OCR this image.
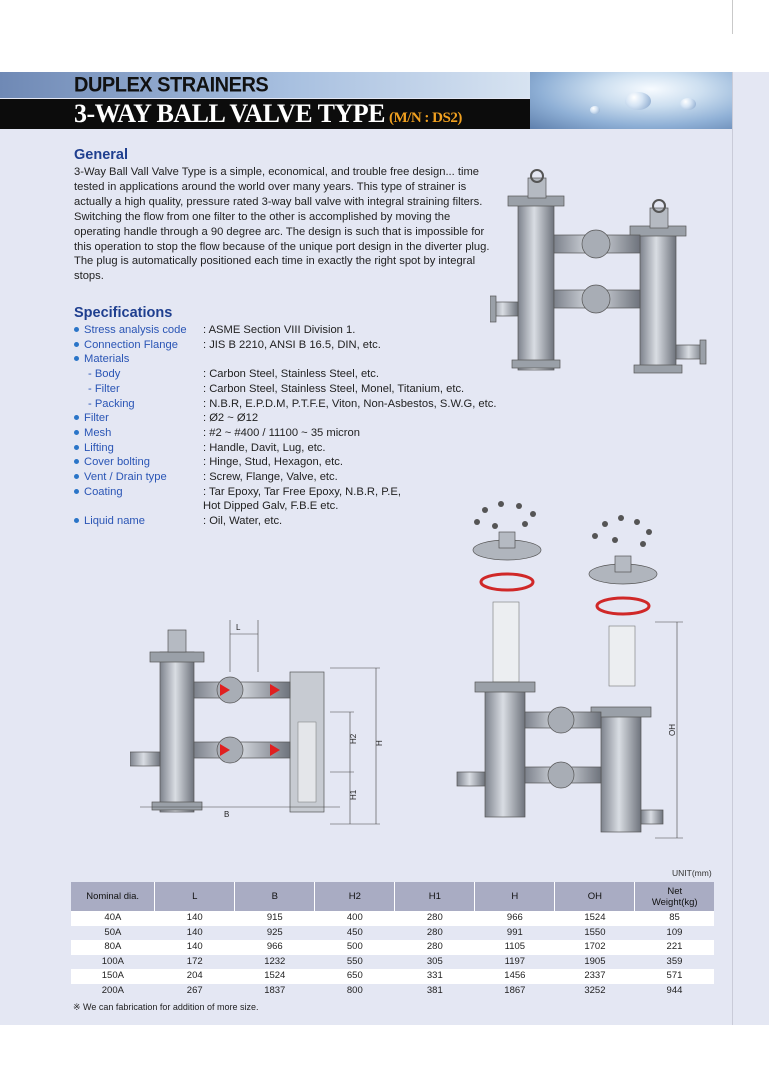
DUPLEX STRAINERS
3-WAY BALL VALVE TYPE (M/N : DS2)
General
3-Way Ball Vall Valve Type is a simple, economical, and trouble free design... time tested in applications around the world over many years. This type of strainer is actually a high quality, pressure rated 3-way ball valve with integral straining filters. Switching the flow from one filter to the other is accomplished by moving the operating handle through a 90 degree arc. The design is such that is impossible for this operation to stop the flow because of the unique port design in the diverter plug. The plug is automatically positioned each time in exactly the right spot by integral stops.
Specifications
Stress analysis code : ASME Section VIII Division 1.
Connection Flange : JIS B 2210, ANSI B 16.5, DIN, etc.
Materials
- Body	: Carbon Steel, Stainless Steel, etc.
- Filter	: Carbon Steel, Stainless Steel, Monel, Titanium, etc.
- Packing	: N.B.R, E.P.D.M, P.T.F.E, Viton, Non-Asbestos, S.W.G, etc.
Filter	: Ø2 ~ Ø12
Mesh	: #2 ~ #400 / 11100 ~ 35 micron
Lifting	: Handle, Davit, Lug, etc.
Cover bolting	: Hinge, Stud, Hexagon, etc.
Vent / Drain type	: Screw, Flange, Valve, etc.
Coating	: Tar Epoxy, Tar Free Epoxy, N.B.R, P.E,
Hot Dipped Galv, F.B.E etc.
Liquid name	: Oil, Water, etc.
L
B
H2
H1
H
OH
UNIT(mm)
Nominal dia.	L	B	H2	H1	H	OH	Net
Weight(kg)
40A	140	915	400	280	966	1524	85
50A	140	925	450	280	991	1550	109
80A	140	966	500	280	1105	1702	221
100A	172	1232	550	305	1197	1905	359
150A	204	1524	650	331	1456	2337	571
200A	267	1837	800	381	1867	3252	944
※ We can fabrication for addition of more size.
